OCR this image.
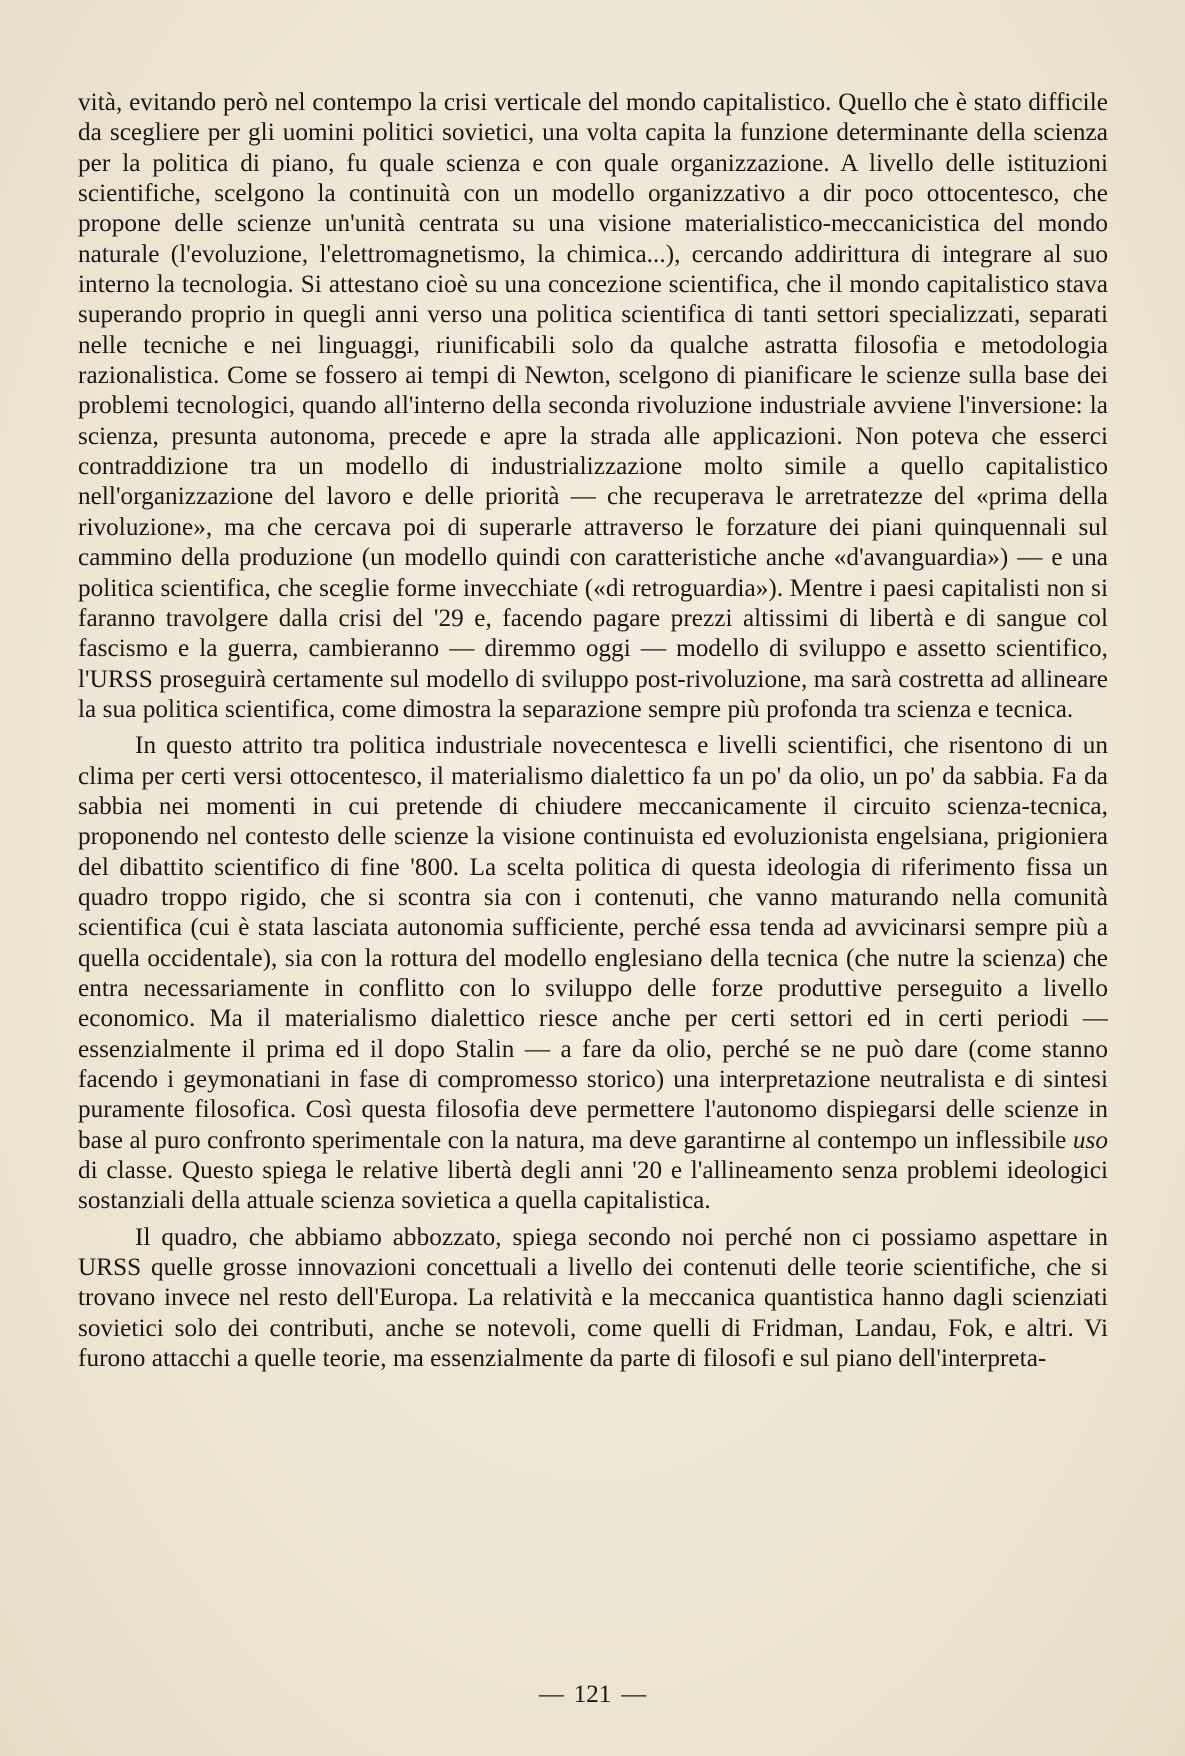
vità, evitando però nel contempo la crisi verticale del mondo capitalistico. Quello che è stato difficile da scegliere per gli uomini politici sovietici, una volta capita la funzione determinante della scienza per la politica di piano, fu quale scienza e con quale organizzazione. A livello delle istituzioni scientifiche, scelgono la continuità con un modello organizzativo a dir poco ottocentesco, che propone delle scienze un'unità centrata su una visione materialistico-meccanicistica del mondo naturale (l'evoluzione, l'elettromagnetismo, la chimica...), cercando addirittura di integrare al suo interno la tecnologia. Si attestano cioè su una concezione scientifica, che il mondo capitalistico stava superando proprio in quegli anni verso una politica scientifica di tanti settori specializzati, separati nelle tecniche e nei linguaggi, riunificabili solo da qualche astratta filosofia e metodologia razionalistica. Come se fossero ai tempi di Newton, scelgono di pianificare le scienze sulla base dei problemi tecnologici, quando all'interno della seconda rivoluzione industriale avviene l'inversione: la scienza, presunta autonoma, precede e apre la strada alle applicazioni. Non poteva che esserci contraddizione tra un modello di industrializzazione molto simile a quello capitalistico nell'organizzazione del lavoro e delle priorità — che recuperava le arretratezze del «prima della rivoluzione», ma che cercava poi di superarle attraverso le forzature dei piani quinquennali sul cammino della produzione (un modello quindi con caratteristiche anche «d'avanguardia») — e una politica scientifica, che sceglie forme invecchiate («di retroguardia»). Mentre i paesi capitalisti non si faranno travolgere dalla crisi del '29 e, facendo pagare prezzi altissimi di libertà e di sangue col fascismo e la guerra, cambieranno — diremmo oggi — modello di sviluppo e assetto scientifico, l'URSS proseguirà certamente sul modello di sviluppo post-rivoluzione, ma sarà costretta ad allineare la sua politica scientifica, come dimostra la separazione sempre più profonda tra scienza e tecnica.

In questo attrito tra politica industriale novecentesca e livelli scientifici, che risentono di un clima per certi versi ottocentesco, il materialismo dialettico fa un po' da olio, un po' da sabbia. Fa da sabbia nei momenti in cui pretende di chiudere meccanicamente il circuito scienza-tecnica, proponendo nel contesto delle scienze la visione continuista ed evoluzionista engelsiana, prigioniera del dibattito scientifico di fine '800. La scelta politica di questa ideologia di riferimento fissa un quadro troppo rigido, che si scontra sia con i contenuti, che vanno maturando nella comunità scientifica (cui è stata lasciata autonomia sufficiente, perché essa tenda ad avvicinarsi sempre più a quella occidentale), sia con la rottura del modello englesiano della tecnica (che nutre la scienza) che entra necessariamente in conflitto con lo sviluppo delle forze produttive perseguito a livello economico. Ma il materialismo dialettico riesce anche per certi settori ed in certi periodi — essenzialmente il prima ed il dopo Stalin — a fare da olio, perché se ne può dare (come stanno facendo i geymonatiani in fase di compromesso storico) una interpretazione neutralista e di sintesi puramente filosofica. Così questa filosofia deve permettere l'autonomo dispiegarsi delle scienze in base al puro confronto sperimentale con la natura, ma deve garantirne al contempo un inflessibile uso di classe. Questo spiega le relative libertà degli anni '20 e l'allineamento senza problemi ideologici sostanziali della attuale scienza sovietica a quella capitalistica.

Il quadro, che abbiamo abbozzato, spiega secondo noi perché non ci possiamo aspettare in URSS quelle grosse innovazioni concettuali a livello dei contenuti delle teorie scientifiche, che si trovano invece nel resto dell'Europa. La relatività e la meccanica quantistica hanno dagli scienziati sovietici solo dei contributi, anche se notevoli, come quelli di Fridman, Landau, Fok, e altri. Vi furono attacchi a quelle teorie, ma essenzialmente da parte di filosofi e sul piano dell'interpreta-

— 121 —
